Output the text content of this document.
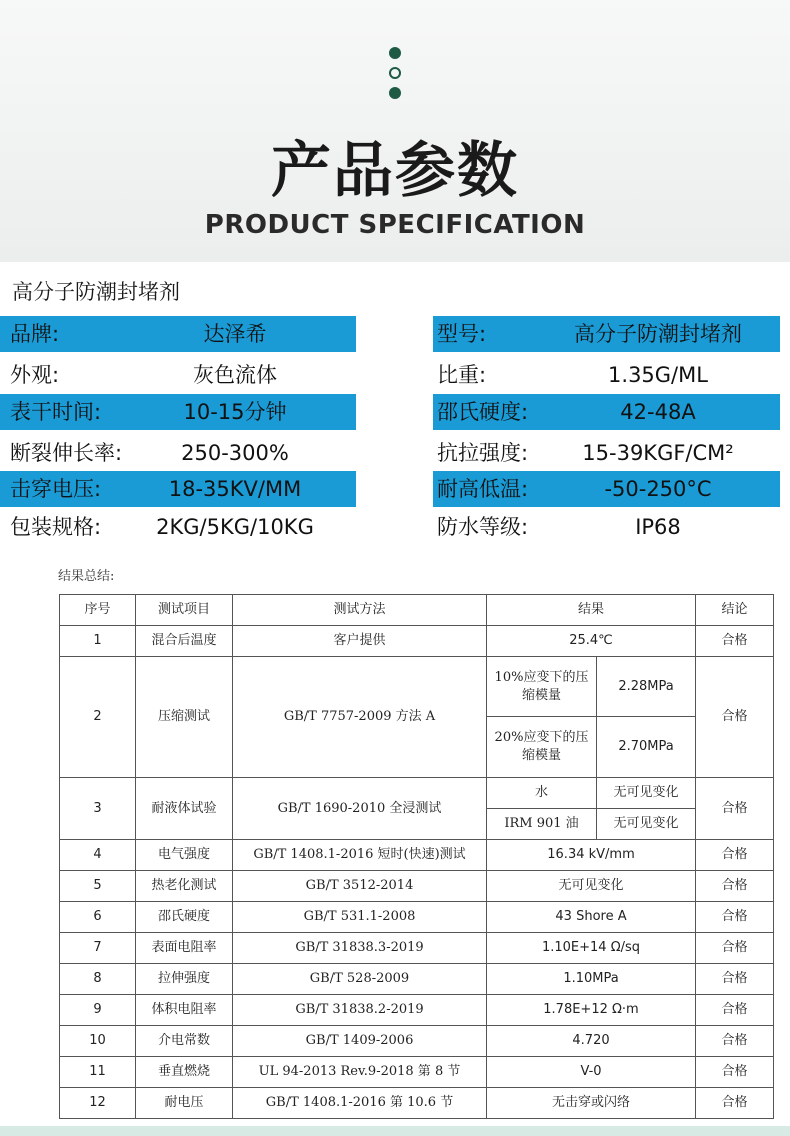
产品参数
PRODUCT SPECIFICATION
高分子防潮封堵剂
品牌:	达泽希
外观:	灰色流体
表干时间:	10-15分钟
断裂伸长率:	250-300%
击穿电压:	18-35KV/MM
包装规格:	2KG/5KG/10KG
型号:	高分子防潮封堵剂
比重:	1.35G/ML
邵氏硬度:	42-48A
抗拉强度:	15-39KGF/CM²
耐高低温:	-50-250°C
防水等级:	IP68
结果总结:
序号	测试项目	测试方法	结果		结论
1	混合后温度	客户提供	25.4℃		合格
2	压缩测试	GB/T 7757-2009 方法 A	10%应变下的压缩模量	2.28MPa	合格
			20%应变下的压缩模量	2.70MPa	
3	耐液体试验	GB/T 1690-2010 全浸测试	水	无可见变化	合格
			IRM 901 油	无可见变化	
4	电气强度	GB/T 1408.1-2016 短时(快速)测试	16.34 kV/mm		合格
5	热老化测试	GB/T 3512-2014	无可见变化		合格
6	邵氏硬度	GB/T 531.1-2008	43 Shore A		合格
7	表面电阻率	GB/T 31838.3-2019	1.10E+14 Ω/sq		合格
8	拉伸强度	GB/T 528-2009	1.10MPa		合格
9	体积电阻率	GB/T 31838.2-2019	1.78E+12 Ω·m		合格
10	介电常数	GB/T 1409-2006	4.720		合格
11	垂直燃烧	UL 94-2013 Rev.9-2018 第 8 节	V-0		合格
12	耐电压	GB/T 1408.1-2016 第 10.6 节	无击穿或闪络		合格
